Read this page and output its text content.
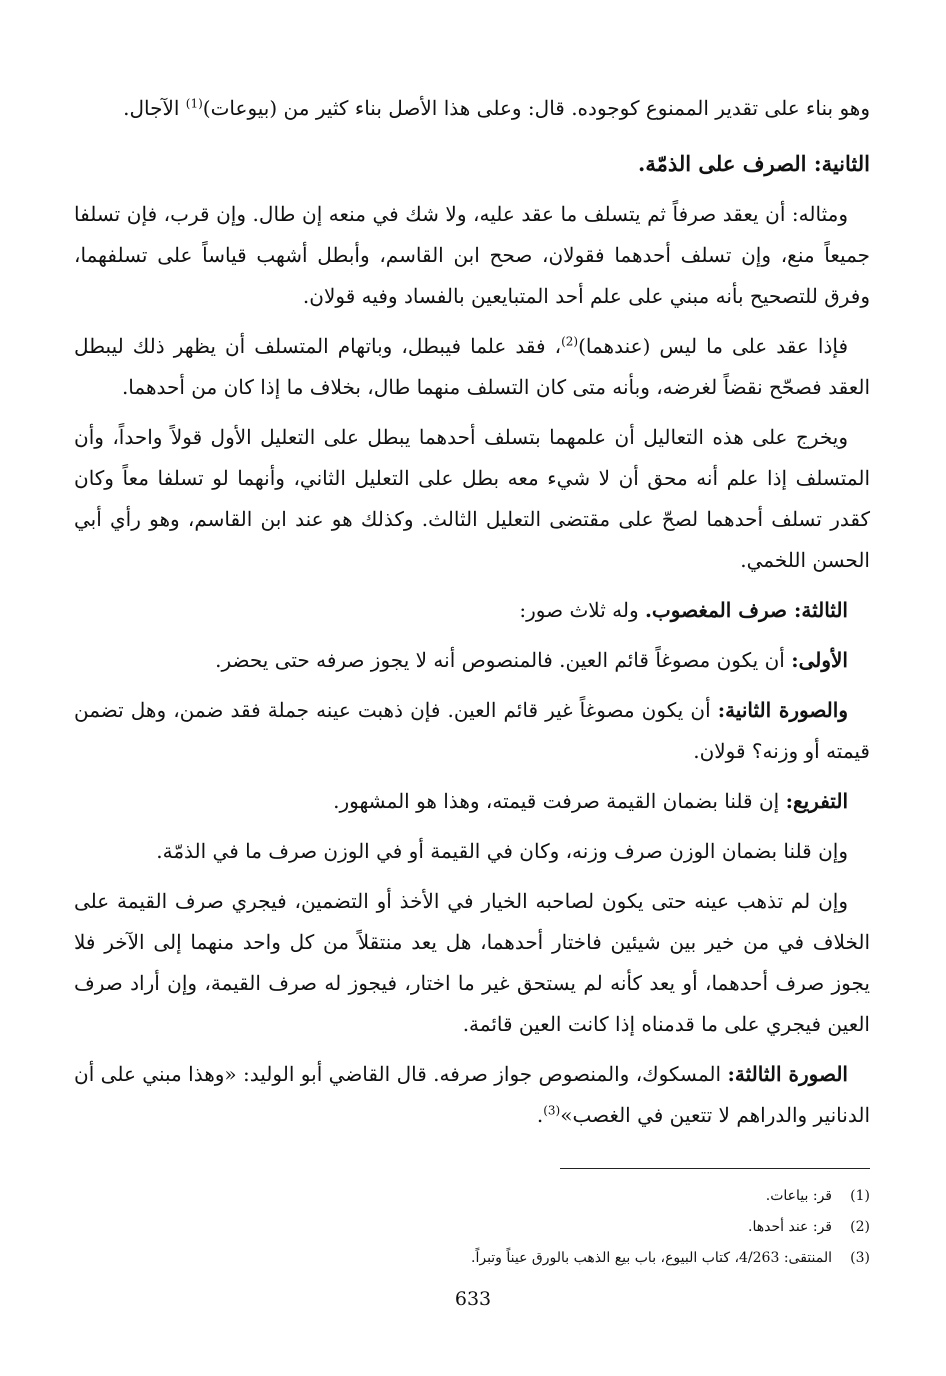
وهو بناء على تقدير الممنوع كوجوده. قال: وعلى هذا الأصل بناء كثير من (بيوعات)$^{(1)}$ الآجال.

الثانية: الصرف على الذمّة.

ومثاله: أن يعقد صرفاً ثم يتسلف ما عقد عليه، ولا شك في منعه إن طال. وإن قرب، فإن تسلفا جميعاً منع، وإن تسلف أحدهما فقولان، صحح ابن القاسم، وأبطل أشهب قياساً على تسلفهما، وفرق للتصحيح بأنه مبني على علم أحد المتبايعين بالفساد وفيه قولان.

فإذا عقد على ما ليس (عندهما)$^{(2)}$، فقد علما فيبطل، وباتهام المتسلف أن يظهر ذلك ليبطل العقد فصحّح نقضاً لغرضه، وبأنه متى كان التسلف منهما طال، بخلاف ما إذا كان من أحدهما.

ويخرج على هذه التعاليل أن علمهما بتسلف أحدهما يبطل على التعليل الأول قولاً واحداً، وأن المتسلف إذا علم أنه محق أن لا شيء معه بطل على التعليل الثاني، وأنهما لو تسلفا معاً وكان كقدر تسلف أحدهما لصحّ على مقتضى التعليل الثالث. وكذلك هو عند ابن القاسم، وهو رأي أبي الحسن اللخمي.

الثالثة: صرف المغصوب. وله ثلاث صور:

الأولى: أن يكون مصوغاً قائم العين. فالمنصوص أنه لا يجوز صرفه حتى يحضر.

والصورة الثانية: أن يكون مصوغاً غير قائم العين. فإن ذهبت عينه جملة فقد ضمن، وهل تضمن قيمته أو وزنه؟ قولان.

التفريع: إن قلنا بضمان القيمة صرفت قيمته، وهذا هو المشهور.

وإن قلنا بضمان الوزن صرف وزنه، وكان في القيمة أو في الوزن صرف ما في الذمّة.

وإن لم تذهب عينه حتى يكون لصاحبه الخيار في الأخذ أو التضمين، فيجري صرف القيمة على الخلاف في من خير بين شيئين فاختار أحدهما، هل يعد منتقلاً من كل واحد منهما إلى الآخر فلا يجوز صرف أحدهما، أو يعد كأنه لم يستحق غير ما اختار، فيجوز له صرف القيمة، وإن أراد صرف العين فيجري على ما قدمناه إذا كانت العين قائمة.

الصورة الثالثة: المسكوك، والمنصوص جواز صرفه. قال القاضي أبو الوليد: «وهذا مبني على أن الدنانير والدراهم لا تتعين في الغصب»$^{(3)}$.

(1)
قر: بياعات.
(2)
قر: عند أحدها.
(3)
المنتقى: 4/263، كتاب البيوع، باب بيع الذهب بالورق عيناً وتبراً.
633
